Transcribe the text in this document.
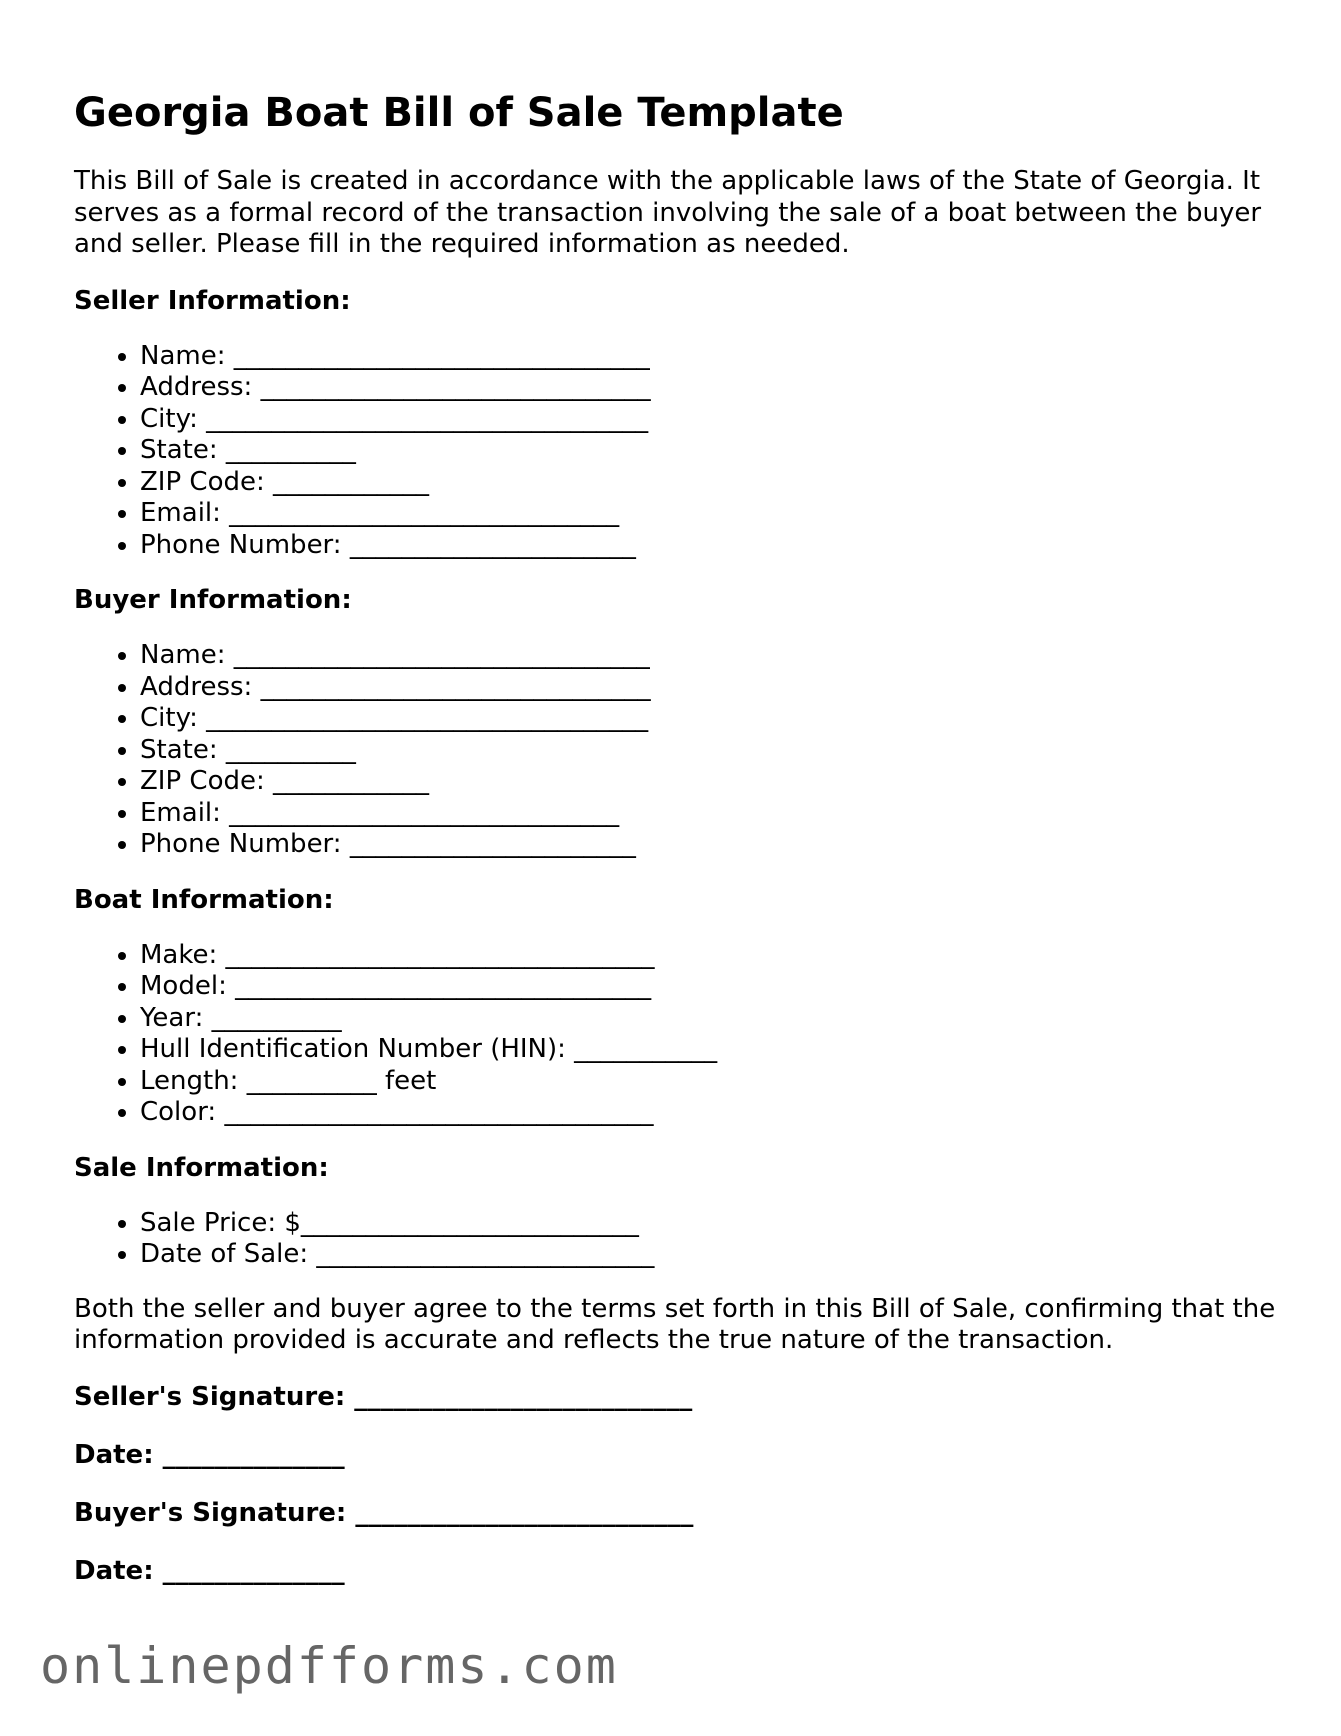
Georgia Boat Bill of Sale Template

This Bill of Sale is created in accordance with the applicable laws of the State of Georgia. It serves as a formal record of the transaction involving the sale of a boat between the buyer and seller. Please fill in the required information as needed.

Seller Information:
• Name: ________________________________
• Address: ______________________________
• City: __________________________________
• State: __________
• ZIP Code: ____________
• Email: ______________________________
• Phone Number: ______________________
Buyer Information:
• Name: ________________________________
• Address: ______________________________
• City: __________________________________
• State: __________
• ZIP Code: ____________
• Email: ______________________________
• Phone Number: ______________________
Boat Information:
• Make: _________________________________
• Model: ________________________________
• Year: __________
• Hull Identification Number (HIN): ___________
• Length: __________ feet
• Color: _________________________________
Sale Information:
• Sale Price: $__________________________
• Date of Sale: __________________________

Both the seller and buyer agree to the terms set forth in this Bill of Sale, confirming that the information provided is accurate and reflects the true nature of the transaction.

Seller's Signature: __________________________
Date: ______________
Buyer's Signature: __________________________
Date: ______________
onlinepdfforms.com
